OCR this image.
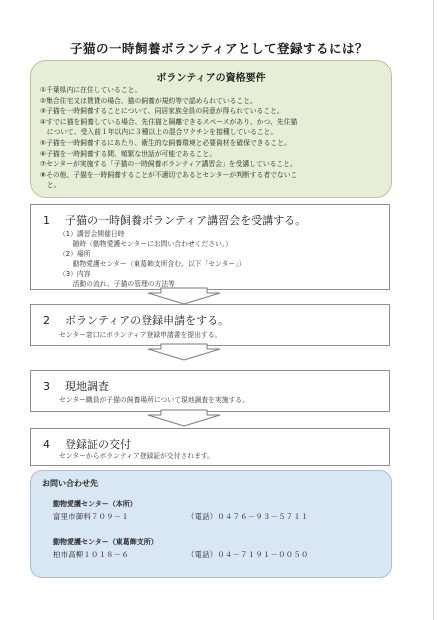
子猫の一時飼養ボランティアとして登録するには？
ボランティアの資格要件
①千葉県内に在住していること。
②集合住宅又は賃貸の場合、猫の飼養が規約等で認められていること。
③子猫を一時飼養することについて、同居家族全員の同意が得られていること。
④すでに猫を飼養している場合、先住猫と隔離できるスペースがあり、かつ、先住猫
　について、受入前１年以内に３種以上の混合ワクチンを接種していること。
⑤子猫を一時飼養するにあたり、衛生的な飼養環境と必要資材を確保できること。
⑥子猫を一時飼養する間、頻繁な世話が可能であること。
⑦センターが実施する「子猫の一時飼養ボランティア講習会」を受講していること。
⑧その他、子猫を一時飼養することが不適切であるとセンターが判断する者でないこ
　と。
1 子猫の一時飼養ボランティア講習会を受講する。
（1）講習会開催日時
　　随時（動物愛護センターにお問い合わせください。）
（2）場所
　　動物愛護センター（東葛飾支所含む。以下「センター」）
（3）内容
　　活動の流れ、子猫の管理の方法等
2 ボランティアの登録申請をする。
センター窓口にボランティア登録申請書を提出する。
3 現地調査
センター職員が子猫の飼養場所について現地調査を実施する。
4 登録証の交付
センターからボランティア登録証が交付されます。
お問い合わせ先
動物愛護センター（本所）
富里市御料７０９－１	（電話）０４７６－９３－５７１１
動物愛護センター（東葛飾支所）
柏市高柳１０１８－６	（電話）０４－７１９１－００５０
